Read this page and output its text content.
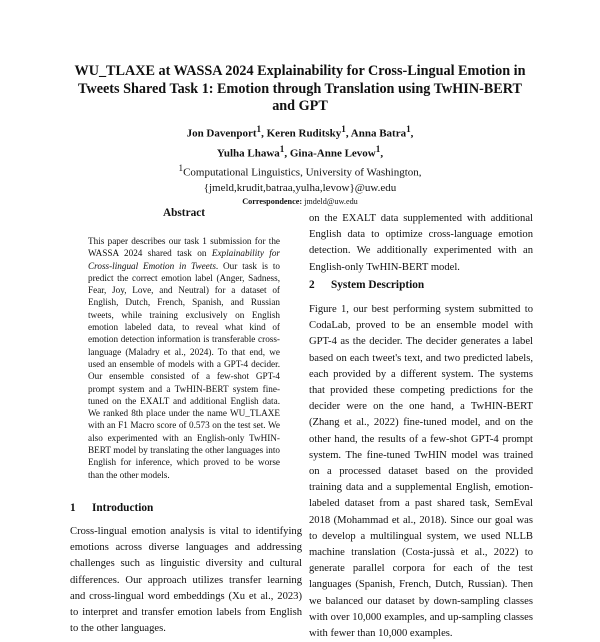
WU_TLAXE at WASSA 2024 Explainability for Cross-Lingual Emotion in
Tweets Shared Task 1: Emotion through Translation using TwHIN-BERT
and GPT
Jon Davenport$^1$, Keren Ruditsky$^1$, Anna Batra$^1$,
Yulha Lhawa$^1$, Gina-Anne Levow$^1$,
$^1$Computational Linguistics, University of Washington,
{jmeld,krudit,batraa,yulha,levow}@uw.edu
Correspondence: jmdeld@uw.edu
Abstract

This paper describes our task 1 submission for the WASSA 2024 shared task on Explainability for Cross-lingual Emotion in Tweets. Our task is to predict the correct emotion label (Anger, Sadness, Fear, Joy, Love, and Neutral) for a dataset of English, Dutch, French, Spanish, and Russian tweets, while training exclusively on English emotion labeled data, to reveal what kind of emotion detection information is transferable cross-language (Maladry et al., 2024). To that end, we used an ensemble of models with a GPT-4 decider. Our ensemble consisted of a few-shot GPT-4 prompt system and a TwHIN-BERT system fine-tuned on the EXALT and additional English data. We ranked 8th place under the name WU_TLAXE with an F1 Macro score of 0.573 on the test set. We also experimented with an English-only TwHIN-BERT model by translating the other languages into English for inference, which proved to be worse than the other models.

1 Introduction

Cross-lingual emotion analysis is vital to identifying emotions across diverse languages and addressing challenges such as linguistic diversity and cultural differences. Our approach utilizes transfer learning and cross-lingual word embeddings (Xu et al., 2023) to interpret and transfer emotion labels from English to the other languages.

on the EXALT data supplemented with additional English data to optimize cross-language emotion detection. We additionally experimented with an English-only TwHIN-BERT model.

2 System Description

Figure 1, our best performing system submitted to CodaLab, proved to be an ensemble model with GPT-4 as the decider. The decider generates a label based on each tweet's text, and two predicted labels, each provided by a different system. The systems that provided these competing predictions for the decider were on the one hand, a TwHIN-BERT (Zhang et al., 2022) fine-tuned model, and on the other hand, the results of a few-shot GPT-4 prompt system. The fine-tuned TwHIN model was trained on a processed dataset based on the provided training data and a supplemental English, emotion-labeled dataset from a past shared task, SemEval 2018 (Mohammad et al., 2018). Since our goal was to develop a multilingual system, we used NLLB machine translation (Costa-jussà et al., 2022) to generate parallel corpora for each of the test languages (Spanish, French, Dutch, Russian). Then we balanced our dataset by down-sampling classes with over 10,000 examples, and up-sampling classes with fewer than 10,000 examples.
